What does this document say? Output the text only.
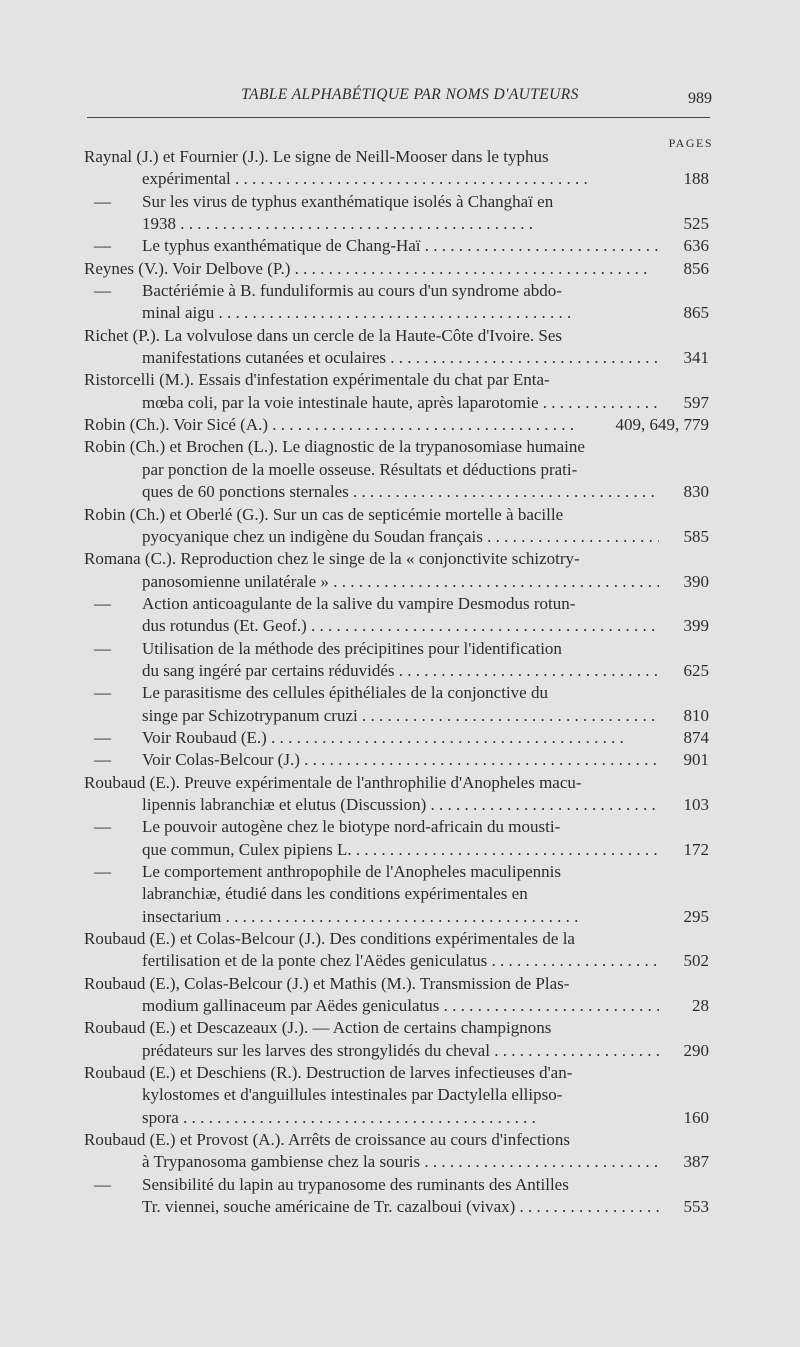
TABLE ALPHABÉTIQUE PAR NOMS D'AUTEURS	989
PAGES
Raynal (J.) et Fournier (J.). Le signe de Neill-Mooser dans le typhus
expérimental . . .	188
— Sur les virus de typhus exanthématique isolés à Changhaï en
1938 . . .	525
— Le typhus exanthématique de Chang-Haï . . .	636
Reynes (V.). Voir Delbove (P.) . . .	856
— Bactériémie à B. funduliformis au cours d'un syndrome abdo-
minal aigu . . .	865
Richet (P.). La volvulose dans un cercle de la Haute-Côte d'Ivoire. Ses
manifestations cutanées et oculaires . . .	341
Ristorcelli (M.). Essais d'infestation expérimentale du chat par Enta-
mœba coli, par la voie intestinale haute, après laparotomie . . .	597
Robin (Ch.). Voir Sicé (A.) . . .	409, 649, 779
Robin (Ch.) et Brochen (L.). Le diagnostic de la trypanosomiase humaine
par ponction de la moelle osseuse. Résultats et déductions prati-
ques de 60 ponctions sternales . . .	830
Robin (Ch.) et Oberlé (G.). Sur un cas de septicémie mortelle à bacille
pyocyanique chez un indigène du Soudan français . . .	585
Romana (C.). Reproduction chez le singe de la « conjonctivite schizotry-
panosomienne unilatérale » . . .	390
— Action anticoagulante de la salive du vampire Desmodus rotun-
dus rotundus (Et. Geof.) . . .	399
— Utilisation de la méthode des précipitines pour l'identification
du sang ingéré par certains réduvidés . . .	625
— Le parasitisme des cellules épithéliales de la conjonctive du
singe par Schizotrypanum cruzi . . .	810
— Voir Roubaud (E.) . . .	874
— Voir Colas-Belcour (J.) . . .	901
Roubaud (E.). Preuve expérimentale de l'anthrophilie d'Anopheles macu-
lipennis labranchiæ et elutus (Discussion) . . .	103
— Le pouvoir autogène chez le biotype nord-africain du mousti-
que commun, Culex pipiens L. . . .	172
— Le comportement anthropophile de l'Anopheles maculipennis
labranchiæ, étudié dans les conditions expérimentales en
insectarium . . .	295
Roubaud (E.) et Colas-Belcour (J.). Des conditions expérimentales de la
fertilisation et de la ponte chez l'Aëdes geniculatus . . .	502
Roubaud (E.), Colas-Belcour (J.) et Mathis (M.). Transmission de Plas-
modium gallinaceum par Aëdes geniculatus . . .	28
Roubaud (E.) et Descazeaux (J.). — Action de certains champignons
prédateurs sur les larves des strongylidés du cheval . . .	290
Roubaud (E.) et Deschiens (R.). Destruction de larves infectieuses d'an-
kylostomes et d'anguillules intestinales par Dactylella ellipso-
spora . . .	160
Roubaud (E.) et Provost (A.). Arrêts de croissance au cours d'infections
à Trypanosoma gambiense chez la souris . . .	387
— Sensibilité du lapin au trypanosome des ruminants des Antilles
Tr. viennei, souche américaine de Tr. cazalboui (vivax) . . .	553
